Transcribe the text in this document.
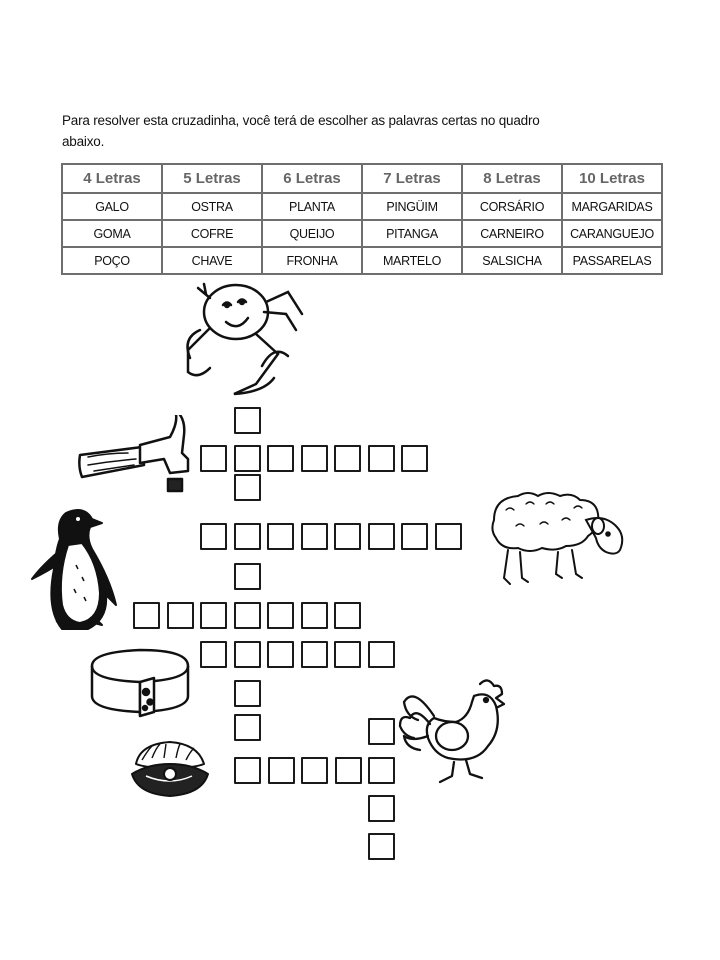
Para resolver esta cruzadinha, você terá de escolher as palavras certas no quadro abaixo.
4 Letras	5 Letras	6 Letras	7 Letras	8 Letras	10 Letras
GALO	OSTRA	PLANTA	PINGÜIM	CORSÁRIO	MARGARIDAS
GOMA	COFRE	QUEIJO	PITANGA	CARNEIRO	CARANGUEJO
POÇO	CHAVE	FRONHA	MARTELO	SALSICHA	PASSARELAS
